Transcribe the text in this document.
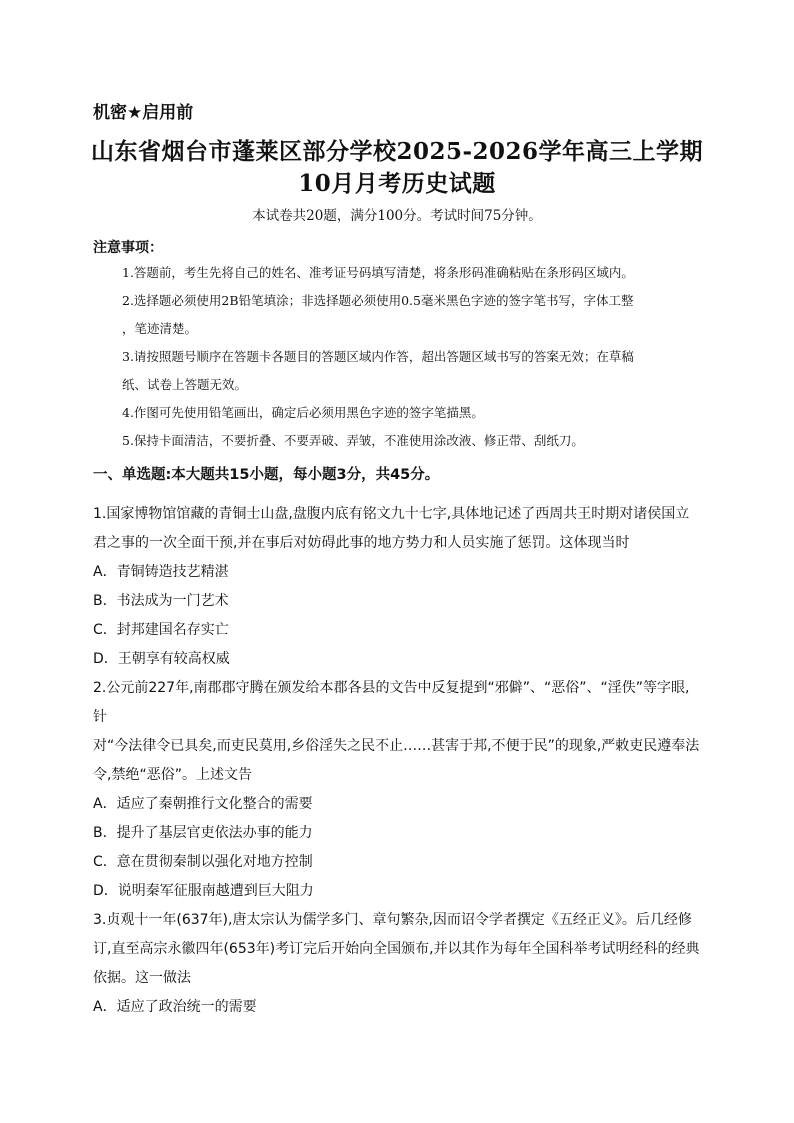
机密★启用前
山东省烟台市蓬莱区部分学校2025-2026学年高三上学期
10月月考历史试题
本试卷共20题，满分100分。考试时间75分钟。
注意事项：

1.答题前，考生先将自己的姓名、准考证号码填写清楚，将条形码准确粘贴在条形码区域内。

2.选择题必须使用2B铅笔填涂；非选择题必须使用0.5毫米黑色字迹的签字笔书写，字体工整

，笔迹清楚。

3.请按照题号顺序在答题卡各题目的答题区域内作答，超出答题区域书写的答案无效；在草稿

纸、试卷上答题无效。

4.作图可先使用铅笔画出，确定后必须用黑色字迹的签字笔描黑。

5.保持卡面清洁，不要折叠、不要弄破、弄皱，不准使用涂改液、修正带、刮纸刀。

一、单选题:本大题共15小题，每小题3分，共45分。

1.国家博物馆馆藏的青铜士山盘,盘腹内底有铭文九十七字,具体地记述了西周共王时期对诸侯国立

君之事的一次全面干预,并在事后对妨碍此事的地方势力和人员实施了惩罚。这体现当时

A．青铜铸造技艺精湛

B．书法成为一门艺术

C．封邦建国名存实亡

D．王朝享有较高权威

2.公元前227年,南郡郡守腾在颁发给本郡各县的文告中反复提到“邪僻”、“恶俗”、“淫佚”等字眼,针

对“今法律令已具矣,而吏民莫用,乡俗淫失之民不止……甚害于邦,不便于民”的现象,严敕吏民遵奉法

令,禁绝“恶俗”。上述文告

A．适应了秦朝推行文化整合的需要

B．提升了基层官吏依法办事的能力

C．意在贯彻秦制以强化对地方控制

D．说明秦军征服南越遭到巨大阻力

3.贞观十一年(637年),唐太宗认为儒学多门、章句繁杂,因而诏令学者撰定《五经正义》。后几经修

订,直至高宗永徽四年(653年)考订完后开始向全国颁布,并以其作为每年全国科举考试明经科的经典

依据。这一做法

A．适应了政治统一的需要
